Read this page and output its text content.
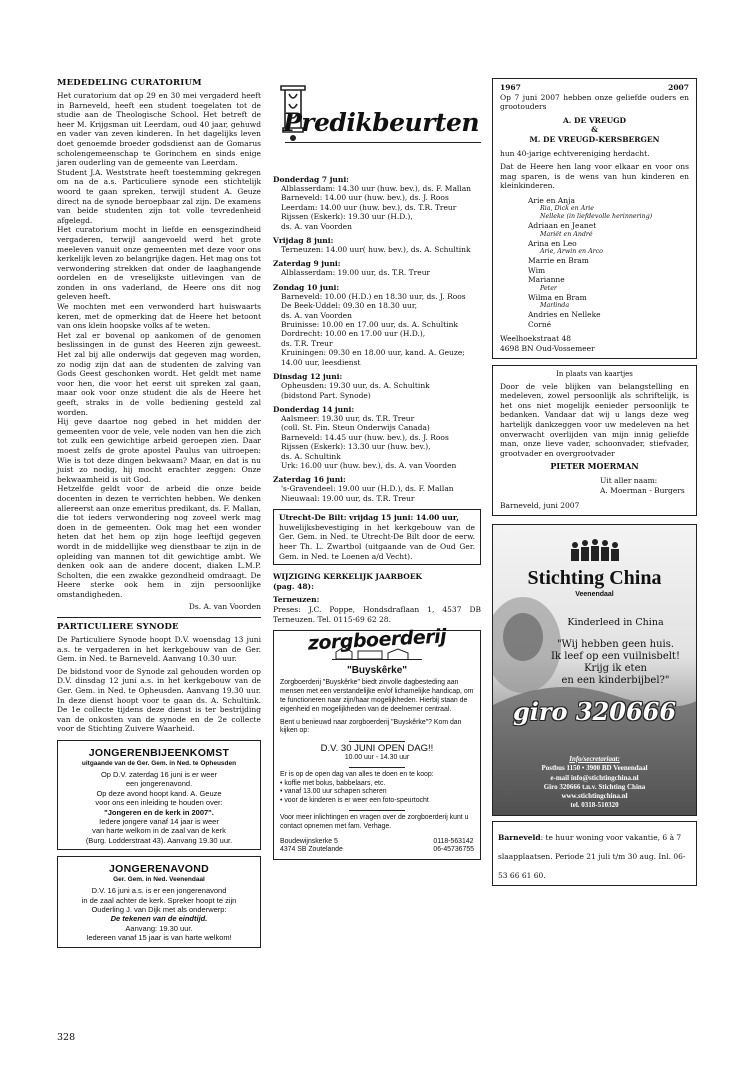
MEDEDELING CURATORIUM

Het curatorium dat op 29 en 30 mei vergaderd heeft in Barneveld, heeft een student toegelaten tot de studie aan de Theologische School. Het betreft de heer M. Krijgsman uit Leerdam, oud 40 jaar, gehuwd en vader van zeven kinderen. In het dagelijks leven doet genoemde broeder godsdienst aan de Gomarus scholengemeenschap te Gorinchem en sinds enige jaren ouderling van de gemeente van Leerdam.

Student J.A. Weststrate heeft toestemming gekregen om na de a.s. Particuliere synode een stichtelijk woord te gaan spreken, terwijl student A. Geuze direct na de synode beroepbaar zal zijn. De examens van beide studenten zijn tot volle tevredenheid afgelegd.

Het curatorium mocht in liefde en eensgezindheid vergaderen, terwijl aangevoeld werd het grote meeleven vanuit onze gemeenten met deze voor ons kerkelijk leven zo belangrijke dagen. Het mag ons tot verwondering strekken dat onder de laaghangende oordelen en de vreselijkste uitlevingen van de zonden in ons vaderland, de Heere ons dit nog geleven heeft.

We mochten met een verwonderd hart huiswaarts keren, met de opmerking dat de Heere het betoont van ons klein hoopske volks af te weten.

Het zal er bovenal op aankomen of de genomen beslissingen in de gunst des Heeren zijn geweest. Het zal bij alle onderwijs dat gegeven mag worden, zo nodig zijn dat aan de studenten de zalving van Gods Geest geschonken wordt. Het geldt met name voor hen, die voor het eerst uit spreken zal gaan, maar ook voor onze student die als de Heere het geeft, straks in de volle bediening gesteld zal worden.

Hij geve daartoe nog gebed in het midden der gemeenten voor de vele, vele noden van hen die zich tot zulk een gewichtige arbeid geroepen zien. Daar moest zelfs de grote apostel Paulus van uitroepen: Wie is tot deze dingen bekwaam? Maar, en dat is nu juist zo nodig, hij mocht erachter zeggen: Onze bekwaamheid is uit God.

Hetzelfde geldt voor de arbeid die onze beide docenten in dezen te verrichten hebben. We denken allereerst aan onze emeritus predikant, ds. F. Mallan, die tot ieders verwondering nog zoveel werk mag doen in de gemeenten. Ook mag het een wonder heten dat het hem op zijn hoge leeftijd gegeven wordt in de middellijke weg dienstbaar te zijn in de opleiding van mannen tot dit gewichtige ambt. We denken ook aan de andere docent, diaken L.M.P. Scholten, die een zwakke gezondheid omdraagt. De Heere sterke ook hem in zijn persoonlijke omstandigheden.

Ds. A. van Voorden

PARTICULIERE SYNODE

De Particuliere Synode hoopt D.V. woensdag 13 juni a.s. te vergaderen in het kerkgebouw van de Ger. Gem. in Ned. te Barneveld. Aanvang 10.30 uur.

De bidstond voor de Synode zal gehouden worden op D.V. dinsdag 12 juni a.s. in het kerkgebouw van de Ger. Gem. in Ned. te Opheusden. Aanvang 19.30 uur. In deze dienst hoopt voor te gaan ds. A. Schultink. De 1e collecte tijdens deze dienst is ter bestrijding van de onkosten van de synode en de 2e collecte voor de Stichting Zuivere Waarheid.

JONGERENBIJEENKOMST
uitgaande van de Ger. Gem. in Ned. te Opheusden
Op D.V. zaterdag 16 juni is er weer
een jongerenavond.
Op deze avond hoopt kand. A. Geuze
voor ons een inleiding te houden over:
"Jongeren en de kerk in 2007".
Iedere jongere vanaf 14 jaar is weer
van harte welkom in de zaal van de kerk
(Burg. Lodderstraat 43). Aanvang 19.30 uur.
JONGERENAVOND
Ger. Gem. in Ned. Veenendaal
D.V. 16 juni a.s. is er een jongerenavond
in de zaal achter de kerk. Spreker hoopt te zijn
Ouderling J. van Dijk met als onderwerp:
De tekenen van de eindtijd.
Aanvang: 19.30 uur.
Iedereen vanaf 15 jaar is van harte welkom!
Predikbeurten
Donderdag 7 juni:
Alblasserdam: 14.30 uur (huw. bev.), ds. F. Mallan
Barneveld: 14.00 uur (huw. bev.), ds. J. Roos
Leerdam: 14.00 uur (huw. bev.), ds. T.R. Treur
Rijssen (Eskerk): 19.30 uur (H.D.),
ds. A. van Voorden
Vrijdag 8 juni:
Terneuzen: 14.00 uur( huw. bev.), ds. A. Schultink
Zaterdag 9 juni:
Alblasserdam: 19.00 uur, ds. T.R. Treur
Zondag 10 juni:
Barneveld: 10.00 (H.D.) en 18.30 uur, ds. J. Roos
De Beek-Uddel: 09.30 en 18.30 uur,
ds. A. van Voorden
Bruinisse: 10.00 en 17.00 uur, ds. A. Schultink
Dordrecht: 10.00 en 17.00 uur (H.D.),
ds. T.R. Treur
Kruiningen: 09.30 en 18.00 uur, kand. A. Geuze;
14.00 uur, leesdienst
Dinsdag 12 juni:
Opheusden: 19.30 uur, ds. A. Schultink
(bidstond Part. Synode)
Donderdag 14 juni:
Aalsmeer: 19.30 uur, ds. T.R. Treur
(coll. St. Fin. Steun Onderwijs Canada)
Barneveld: 14.45 uur (huw. bev.), ds. J. Roos
Rijssen (Eskerk): 13.30 uur (huw. bev.),
ds. A. Schultink
Urk: 16.00 uur (huw. bev.), ds. A. van Voorden
Zaterdag 16 juni:
's-Gravendeel: 19.00 uur (H.D.), ds. F. Mallan
Nieuwaal: 19.00 uur, ds. T.R. Treur
Utrecht-De Bilt: vrijdag 15 juni: 14.00 uur,
huwelijksbevestiging in het kerkgebouw van de Ger. Gem. in Ned. te Utrecht-De Bilt door de eerw. heer Th. L. Zwartbol (uitgaande van de Oud Ger. Gem. in Ned. te Loenen a/d Vecht).
WIJZIGING KERKELIJK JAARBOEK
(pag. 48):
Terneuzen:
Preses: J.C. Poppe, Hondsdraflaan 1, 4537 DB Terneuzen. Tel. 0115-69 62 28.
zorgboerderij
"Buyskêrke"
Zorgboerderij "Buyskêrke" biedt zinvolle dagbesteding aan mensen met een verstandelijke en/of lichamelijke handicap, om te functioneren naar zijn/haar mogelijkheden. Hierbij staan de eigenheid en mogelijkheden van de deelnemer centraal.
Bent u benieuwd naar zorgboerderij "Buyskêrke"? Kom dan kijken op:
D.V. 30 JUNI OPEN DAG!!
10.00 uur - 14.30 uur
Er is op de open dag van alles te doen en te koop:
• koffie met bolus, babbelaars, etc.
• vanaf 13.00 uur schapen scheren
• voor de kinderen is er weer een foto-speurtocht
Voor meer inlichtingen en vragen over de zorgboerderij kunt u contact opnemen met fam. Verhage.
Boudewijnskerke 5
4374 SB Zoutelande
0118-563142
06-45736755
1967	2007
Op 7 juni 2007 hebben onze geliefde ouders en grootouders
A. DE VREUGD
&
M. DE VREUGD-KERSBERGEN
hun 40-jarige echtvereniging herdacht.
Dat de Heere hen lang voor elkaar en voor ons mag sparen, is de wens van hun kinderen en kleinkinderen.
Arie en Anja
Ria, Dick en Arie
Nelleke (in liefdevolle herinnering)
Adriaan en Jeanet
Mariët en André
Arina en Leo
Arie, Arwin en Arco
Marrie en Bram
Wim
Marianne
Peter
Wilma en Bram
Marlinda
Andries en Nelleke
Corné
Weelhoekstraat 48
4698 BN Oud-Vossemeer
In plaats van kaartjes
Door de vele blijken van belangstelling en medeleven, zowel persoonlijk als schriftelijk, is het ons niet mogelijk eenieder persoonlijk te bedanken. Vandaar dat wij u langs deze weg hartelijk dankzeggen voor uw medeleven na het onverwacht overlijden van mijn innig geliefde man, onze lieve vader, schoonvader, stiefvader, grootvader en overgrootvader
PIETER MOERMAN
Uit aller naam:
A. Moerman - Burgers
Barneveld, juni 2007
Stichting China
Veenendaal
Kinderleed in China
"Wij hebben geen huis.
Ik leef op een vuilnisbelt!
Krijg ik eten
en een kinderbijbel?"
giro 320666
Info/secretariaat:
Postbus 1150 • 3900 BD Veenendaal
e-mail info@stichtingchina.nl
Giro 320666 t.n.v. Stichting China
www.stichtingchina.nl
tel. 0318-510320
Barneveld: te huur woning voor vakantie, 6 à 7 slaapplaatsen. Periode 21 juli t/m 30 aug. Inl. 06-53 66 61 60.
328
